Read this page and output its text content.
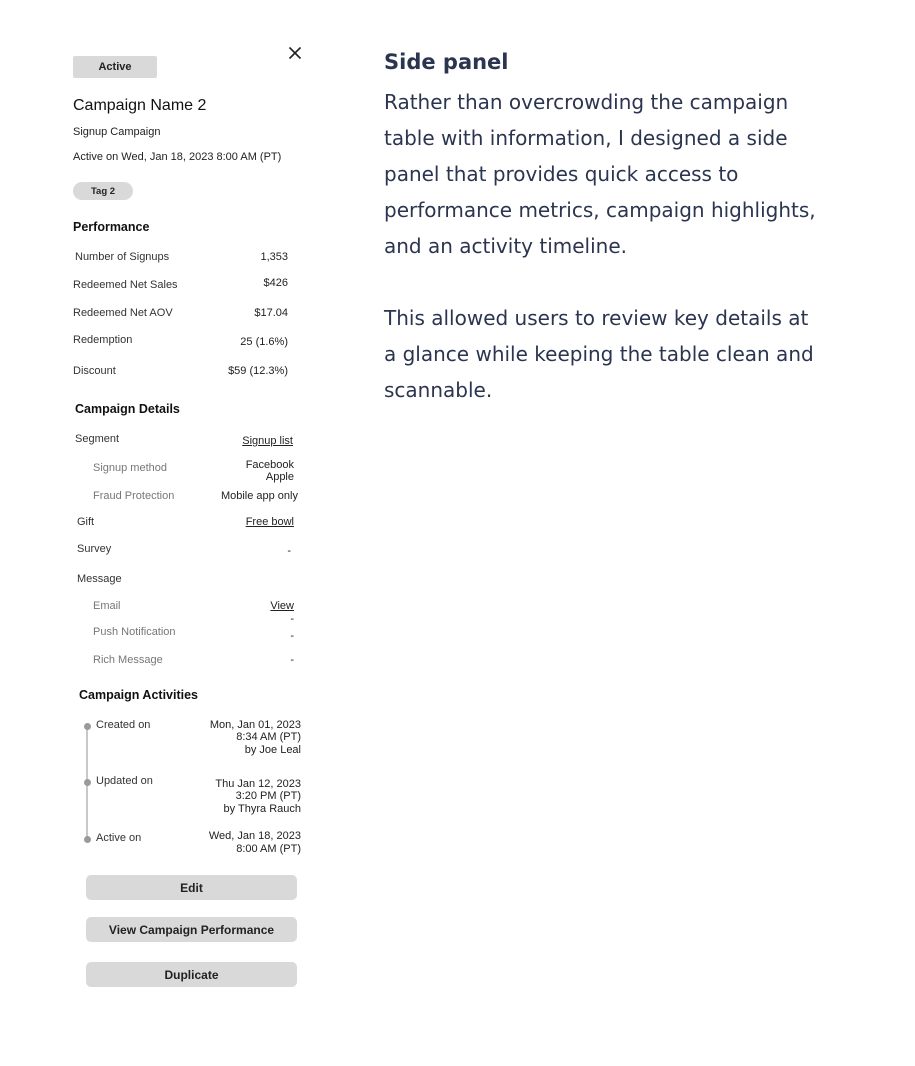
Active
Campaign Name 2
Signup Campaign
Active on Wed, Jan 18, 2023 8:00 AM (PT)
Tag 2
Performance
Number of Signups	1,353
Redeemed Net Sales	$426
Redeemed Net AOV	$17.04
Redemption	25 (1.6%)
Discount	$59 (12.3%)
Campaign Details
Segment	Signup list
Signup method	Facebook
Apple
Fraud Protection	Mobile app only
Gift	Free bowl
Survey	-
Message
Email	View
-
Push Notification	-
Rich Message	-
Campaign Activities
Created on	Mon, Jan 01, 2023
8:34 AM (PT)
by Joe Leal
Updated on	Thu Jan 12, 2023
3:20 PM (PT)
by Thyra Rauch
Active on	Wed, Jan 18, 2023
8:00 AM (PT)
Edit
View Campaign Performance
Duplicate
Side panel

Rather than overcrowding the campaign table with information, I designed a side panel that provides quick access to performance metrics, campaign highlights, and an activity timeline.

This allowed users to review key details at a glance while keeping the table clean and scannable.
